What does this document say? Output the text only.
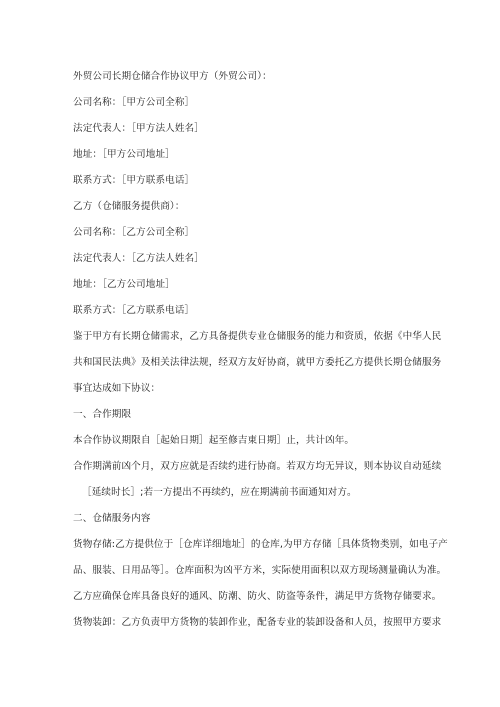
外贸公司长期仓储合作协议甲方（外贸公司）：
公司名称：［甲方公司全称］
法定代表人：［甲方法人姓名］
地址：［甲方公司地址］
联系方式：［甲方联系电话］
乙方（仓储服务提供商）：
公司名称：［乙方公司全称］
法定代表人：［乙方法人姓名］
地址：［乙方公司地址］
联系方式：［乙方联系电话］
鉴于甲方有长期仓储需求，乙方具备提供专业仓储服务的能力和资质，依据《中华人民
共和国民法典》及相关法律法规，经双方友好协商，就甲方委托乙方提供长期仓储服务
事宜达成如下协议：
一、合作期限
本合作协议期限自［起始日期］起至修吉東日期］止，共计凶年。
合作期满前凶个月，双方应就是否续约进行协商。若双方均无异议，则本协议自动延续
［延续时长］;若一方提出不再续约，应在期满前书面通知对方。
二、仓储服务内容
货物存储:乙方提供位于［仓库详细地址］的仓库,为甲方存储［具体货物类别，如电子产
品、服装、日用品等］。仓库面积为凶平方米，实际使用面积以双方现场测量确认为准。
乙方应确保仓库具备良好的通风、防潮、防火、防盗等条件，满足甲方货物存储要求。
货物装卸：乙方负责甲方货物的装卸作业，配备专业的装卸设备和人员，按照甲方要求
